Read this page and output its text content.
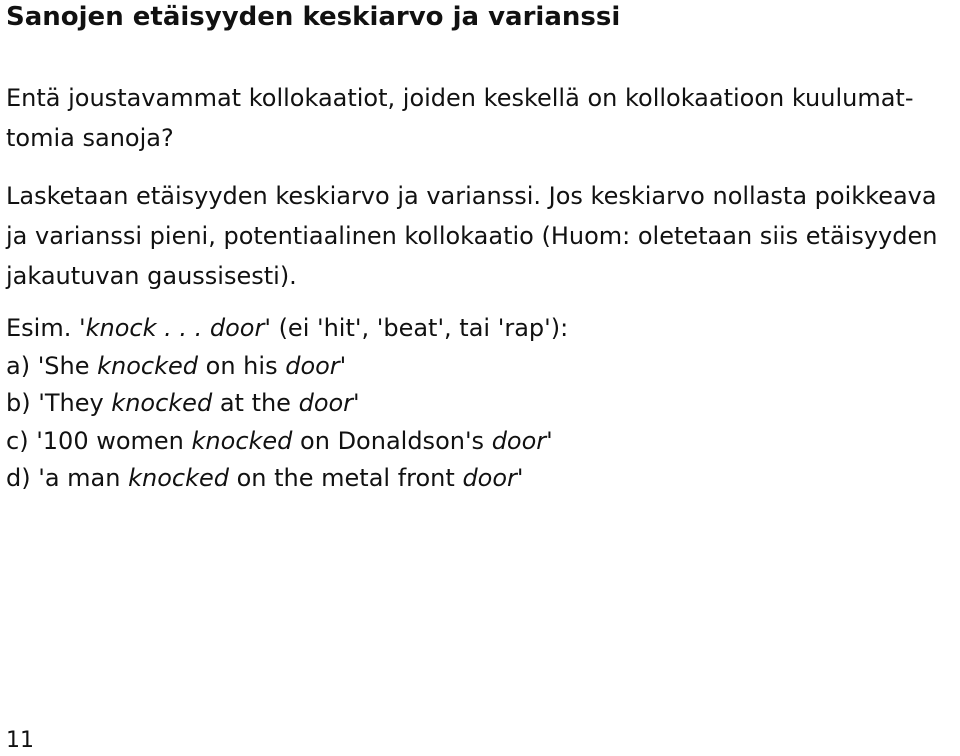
Sanojen etäisyyden keskiarvo ja varianssi

Entä joustavammat kollokaatiot, joiden keskellä on kollokaatioon kuulumat-
tomia sanoja?

Lasketaan etäisyyden keskiarvo ja varianssi. Jos keskiarvo nollasta poikkeava
ja varianssi pieni, potentiaalinen kollokaatio (Huom: oletetaan siis etäisyyden
jakautuvan gaussisesti).

Esim. 'knock . . . door' (ei 'hit', 'beat', tai 'rap'):
a) 'She knocked on his door'
b) 'They knocked at the door'
c) '100 women knocked on Donaldson's door'
d) 'a man knocked on the metal front door'
11
